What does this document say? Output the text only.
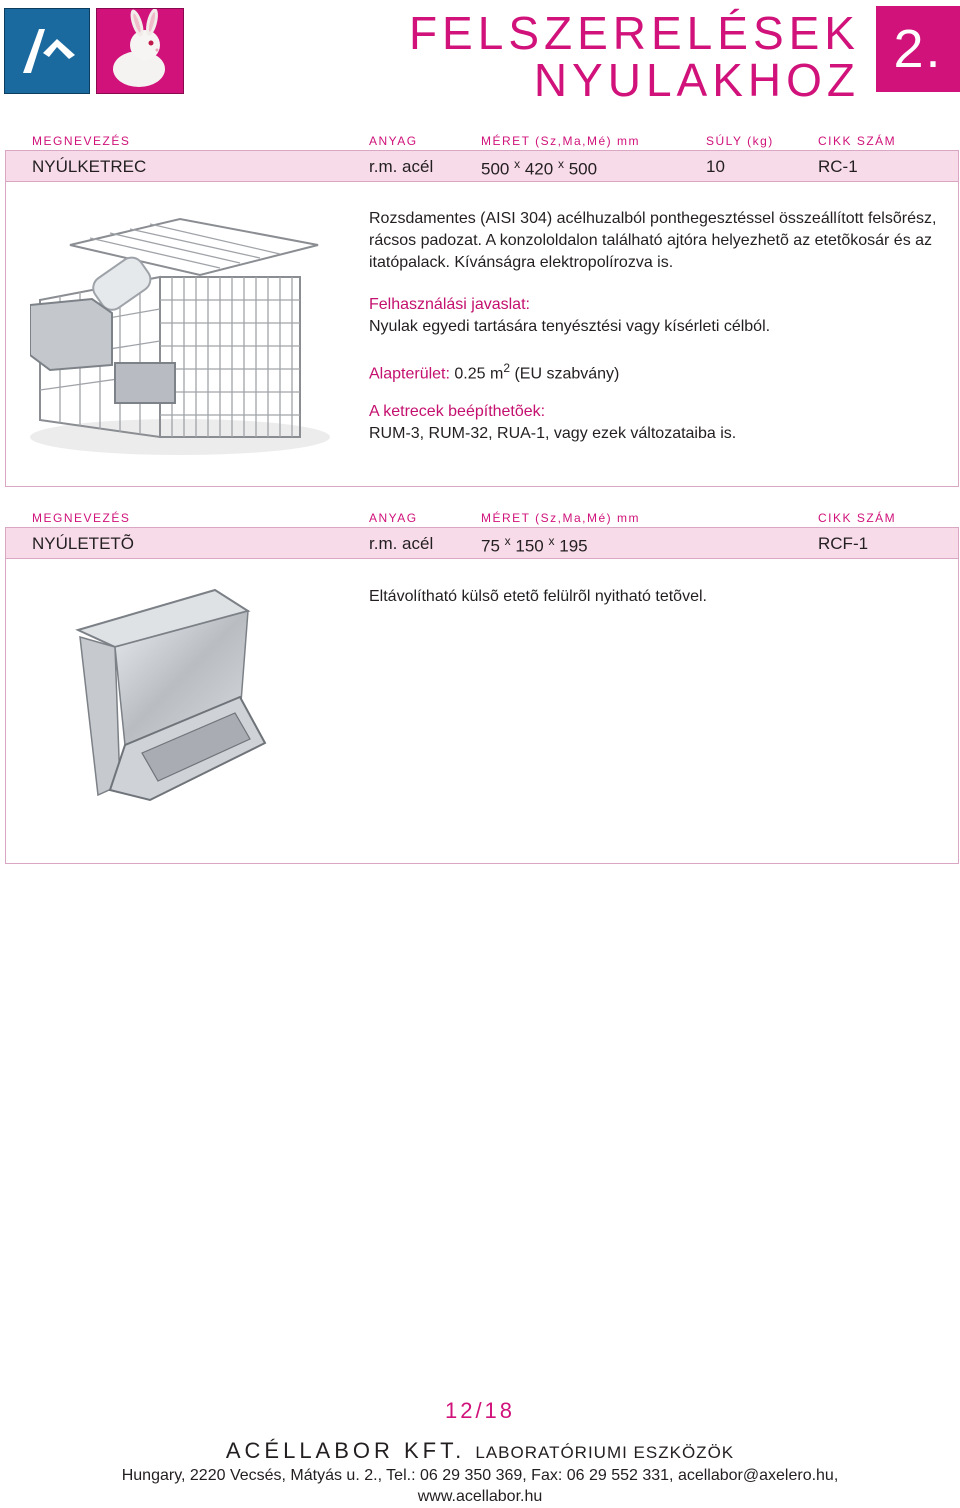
FELSZERELÉSEK
NYULAKHOZ
2.
MEGNEVEZÉS	ANYAG	MÉRET (Sz,Ma,Mé) mm	SÚLY (kg)	CIKK SZÁM
NYÚLKETREC	r.m. acél	500 $^x$ 420 $^x$ 500	10	RC-1
Rozsdamentes (AISI 304) acélhuzalból ponthegesztéssel összeállított felsõrész, rácsos padozat. A konzololdalon található ajtóra helyezhetõ az etetõkosár és az itatópalack. Kívánságra elektropolírozva is.
Felhasználási javaslat:
Nyulak egyedi tartására tenyésztési vagy kísérleti célból.
Alapterület: 0.25 $m^2$ (EU szabvány)
A ketrecek beépíthetõek:
RUM-3, RUM-32, RUA-1, vagy ezek változataiba is.
MEGNEVEZÉS	ANYAG	MÉRET (Sz,Ma,Mé) mm	CIKK SZÁM
NYÚLETETÕ	r.m. acél	75 $^x$ 150 $^x$ 195	RCF-1
Eltávolítható külsõ etetõ felülrõl nyitható tetõvel.
12/18
ACÉLLABOR KFT. LABORATÓRIUMI ESZKÖZÖK
Hungary, 2220 Vecsés, Mátyás u. 2., Tel.: 06 29 350 369, Fax: 06 29 552 331, acellabor@axelero.hu,
www.acellabor.hu
